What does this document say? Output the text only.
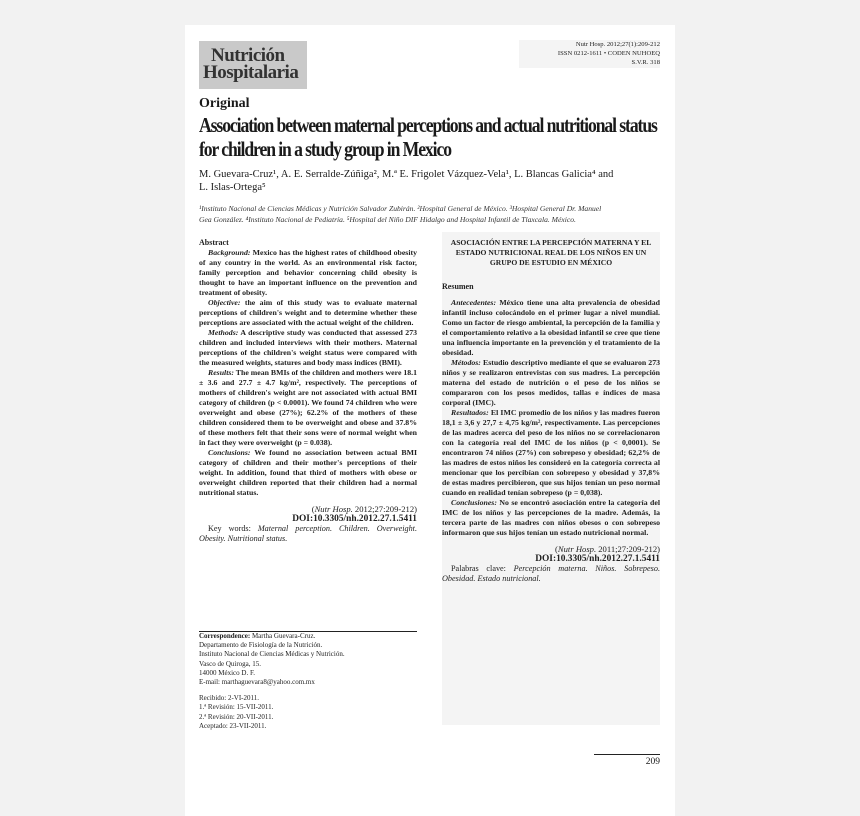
Nutrición
Hospitalaria
Nutr Hosp. 2012;27(1):209-212
ISSN 0212-1611 • CODEN NUHOEQ
S.V.R. 318
Original
Association between maternal perceptions and actual nutritional status
for children in a study group in Mexico
M. Guevara-Cruz¹, A. E. Serralde-Zúñiga², M.ª E. Frigolet Vázquez-Vela¹, L. Blancas Galicia⁴ and
L. Islas-Ortega⁵
¹Instituto Nacional de Ciencias Médicas y Nutrición Salvador Zubirán. ²Hospital General de México. ³Hospital General Dr. Manuel
Gea González. ⁴Instituto Nacional de Pediatría. ⁵Hospital del Niño DIF Hidalgo and Hospital Infantil de Tlaxcala. México.

Abstract

Background: Mexico has the highest rates of childhood obesity of any country in the world. As an environmental risk factor, family perception and behavior concerning child obesity is thought to have an important influence on the prevention and treatment of obesity.

Objective: the aim of this study was to evaluate maternal perceptions of children's weight and to determine whether these perceptions are associated with the actual weight of the children.

Methods: A descriptive study was conducted that assessed 273 children and included interviews with their mothers. Maternal perceptions of the children's weight status were compared with the measured weights, statures and body mass indices (BMI).

Results: The mean BMIs of the children and mothers were 18.1 ± 3.6 and 27.7 ± 4.7 kg/m², respectively. The perceptions of mothers of children's weight are not associated with actual BMI category of children (p < 0.0001). We found 74 children who were overweight and obese (27%); 62.2% of the mothers of these children considered them to be overweight and obese and 37.8% of these mothers felt that their sons were of normal weight when in fact they were overweight (p = 0.038).

Conclusions: We found no association between actual BMI category of children and their mother's perceptions of their weight. In addition, found that third of mothers with obese or overweight children reported that their children had a normal nutritional status.

(Nutr Hosp. 2012;27:209-212)

DOI:10.3305/nh.2012.27.1.5411

Key words: Maternal perception. Children. Overweight. Obesity. Nutritional status.

ASOCIACIÓN ENTRE LA PERCEPCIÓN MATERNA Y EL ESTADO NUTRICIONAL REAL DE LOS NIÑOS EN UN GRUPO DE ESTUDIO EN MÉXICO

Resumen

Antecedentes: México tiene una alta prevalencia de obesidad infantil incluso colocándolo en el primer lugar a nivel mundial. Como un factor de riesgo ambiental, la percepción de la familia y el comportamiento relativo a la obesidad infantil se cree que tiene una influencia importante en la prevención y el tratamiento de la obesidad.

Métodos: Estudio descriptivo mediante el que se evaluaron 273 niños y se realizaron entrevistas con sus madres. La percepción materna del estado de nutrición o el peso de los niños se compararon con los pesos medidos, tallas e índices de masa corporal (IMC).

Resultados: El IMC promedio de los niños y las madres fueron 18,1 ± 3,6 y 27,7 ± 4,75 kg/m², respectivamente. Las percepciones de las madres acerca del peso de los niños no se correlacionaron con la categoría real del IMC de los niños (p < 0,0001). Se encontraron 74 niños (27%) con sobrepeso y obesidad; 62,2% de las madres de estos niños les consideró en la categoría correcta al mencionar que los percibían con sobrepeso y obesidad y 37,8% de estas madres percibieron, que sus hijos tenían un peso normal cuando en realidad tenían sobrepeso (p = 0,038).

Conclusiones: No se encontró asociación entre la categoría del IMC de los niños y las percepciones de la madre. Además, la tercera parte de las madres con niños obesos o con sobrepeso informaron que sus hijos tenían un estado nutricional normal.

(Nutr Hosp. 2011;27:209-212)

DOI:10.3305/nh.2012.27.1.5411

Palabras clave: Percepción materna. Niños. Sobrepeso. Obesidad. Estado nutricional.

Correspondence: Martha Guevara-Cruz.
Departamento de Fisiología de la Nutrición.
Instituto Nacional de Ciencias Médicas y Nutrición.
Vasco de Quiroga, 15.
14000 México D. F.
E-mail: marthaguevara8@yahoo.com.mx
Recibido: 2-VI-2011.
1.ª Revisión: 15-VII-2011.
2.ª Revisión: 20-VII-2011.
Aceptado: 23-VII-2011.
209
